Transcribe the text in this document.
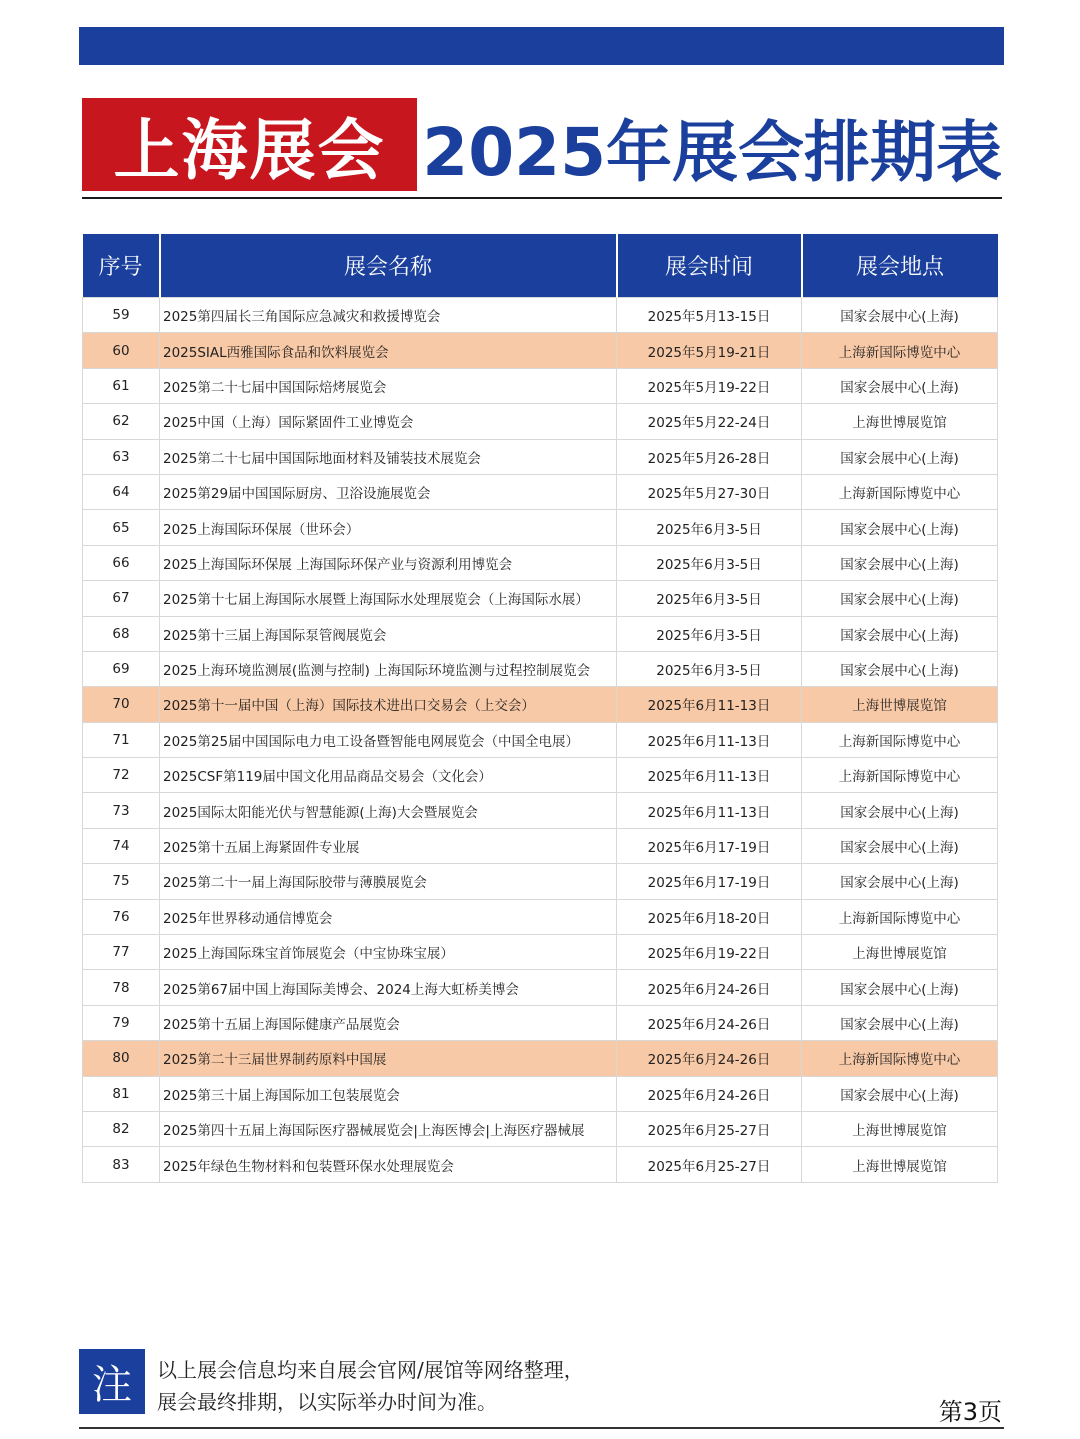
上海展会 2025年展会排期表
序号	展会名称	展会时间	展会地点
59	2025第四届长三角国际应急减灾和救援博览会	2025年5月13-15日	国家会展中心(上海)
60	2025SIAL西雅国际食品和饮料展览会	2025年5月19-21日	上海新国际博览中心
61	2025第二十七届中国国际焙烤展览会	2025年5月19-22日	国家会展中心(上海)
62	2025中国（上海）国际紧固件工业博览会	2025年5月22-24日	上海世博展览馆
63	2025第二十七届中国国际地面材料及铺装技术展览会	2025年5月26-28日	国家会展中心(上海)
64	2025第29届中国国际厨房、卫浴设施展览会	2025年5月27-30日	上海新国际博览中心
65	2025上海国际环保展（世环会）	2025年6月3-5日	国家会展中心(上海)
66	2025上海国际环保展 上海国际环保产业与资源利用博览会	2025年6月3-5日	国家会展中心(上海)
67	2025第十七届上海国际水展暨上海国际水处理展览会（上海国际水展）	2025年6月3-5日	国家会展中心(上海)
68	2025第十三届上海国际泵管阀展览会	2025年6月3-5日	国家会展中心(上海)
69	2025上海环境监测展(监测与控制) 上海国际环境监测与过程控制展览会	2025年6月3-5日	国家会展中心(上海)
70	2025第十一届中国（上海）国际技术进出口交易会（上交会）	2025年6月11-13日	上海世博展览馆
71	2025第25届中国国际电力电工设备暨智能电网展览会（中国全电展）	2025年6月11-13日	上海新国际博览中心
72	2025CSF第119届中国文化用品商品交易会（文化会）	2025年6月11-13日	上海新国际博览中心
73	2025国际太阳能光伏与智慧能源(上海)大会暨展览会	2025年6月11-13日	国家会展中心(上海)
74	2025第十五届上海紧固件专业展	2025年6月17-19日	国家会展中心(上海)
75	2025第二十一届上海国际胶带与薄膜展览会	2025年6月17-19日	国家会展中心(上海)
76	2025年世界移动通信博览会	2025年6月18-20日	上海新国际博览中心
77	2025上海国际珠宝首饰展览会（中宝协珠宝展）	2025年6月19-22日	上海世博展览馆
78	2025第67届中国上海国际美博会、2024上海大虹桥美博会	2025年6月24-26日	国家会展中心(上海)
79	2025第十五届上海国际健康产品展览会	2025年6月24-26日	国家会展中心(上海)
80	2025第二十三届世界制药原料中国展	2025年6月24-26日	上海新国际博览中心
81	2025第三十届上海国际加工包装展览会	2025年6月24-26日	国家会展中心(上海)
82	2025第四十五届上海国际医疗器械展览会|上海医博会|上海医疗器械展	2025年6月25-27日	上海世博展览馆
83	2025年绿色生物材料和包装暨环保水处理展览会	2025年6月25-27日	上海世博展览馆
注	以上展会信息均来自展会官网/展馆等网络整理，
展会最终排期，以实际举办时间为准。	第3页
